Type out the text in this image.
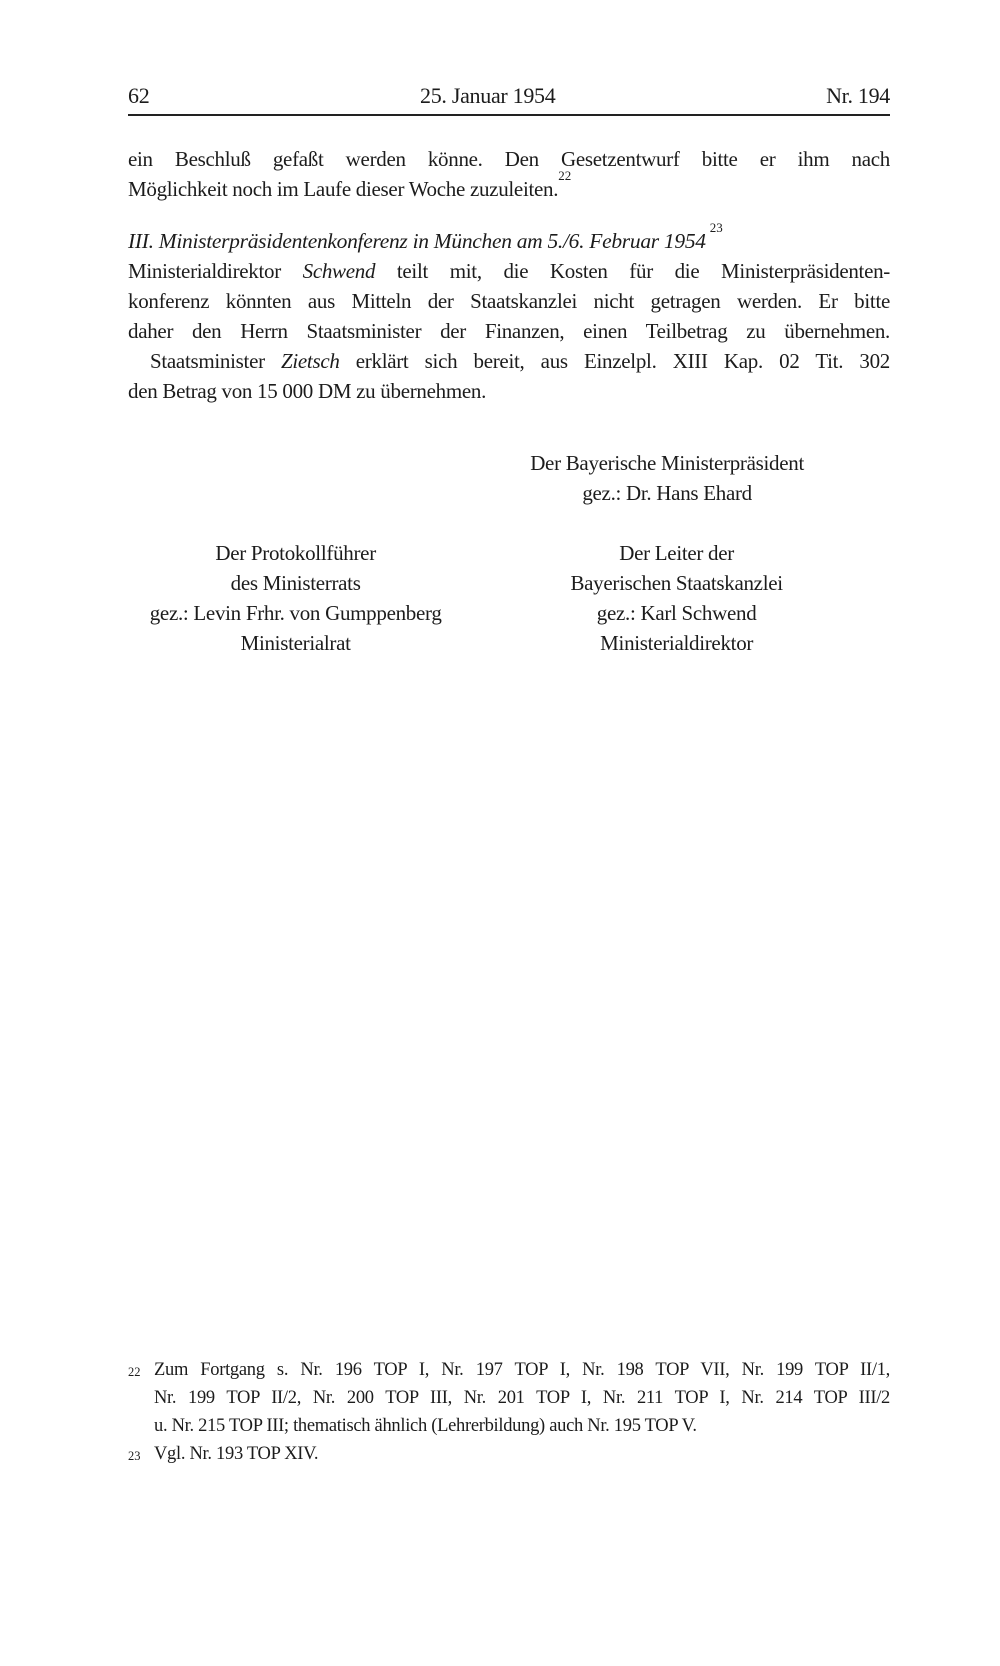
62	25. Januar 1954	Nr. 194

ein Beschluß gefaßt werden könne. Den Gesetzentwurf bitte er ihm nach
Möglichkeit noch im Laufe dieser Woche zuzuleiten.$^{22}$

III. Ministerpräsidentenkonferenz in München am 5./6. Februar 1954$^{23}$

Ministerialdirektor Schwend teilt mit, die Kosten für die Ministerpräsidenten-
konferenz könnten aus Mitteln der Staatskanzlei nicht getragen werden. Er bitte
daher den Herrn Staatsminister der Finanzen, einen Teilbetrag zu übernehmen.

Staatsminister Zietsch erklärt sich bereit, aus Einzelpl. XIII Kap. 02 Tit. 302
den Betrag von 15 000 DM zu übernehmen.

Der Bayerische Ministerpräsident
gez.: Dr. Hans Ehard
Der Protokollführer
des Ministerrats
gez.: Levin Frhr. von Gumppenberg
Ministerialrat
Der Leiter der
Bayerischen Staatskanzlei
gez.: Karl Schwend
Ministerialdirektor
22 Zum Fortgang s. Nr. 196 TOP I, Nr. 197 TOP I, Nr. 198 TOP VII, Nr. 199 TOP II/1,
Nr. 199 TOP II/2, Nr. 200 TOP III, Nr. 201 TOP I, Nr. 211 TOP I, Nr. 214 TOP III/2
u. Nr. 215 TOP III; thematisch ähnlich (Lehrerbildung) auch Nr. 195 TOP V.
23 Vgl. Nr. 193 TOP XIV.
